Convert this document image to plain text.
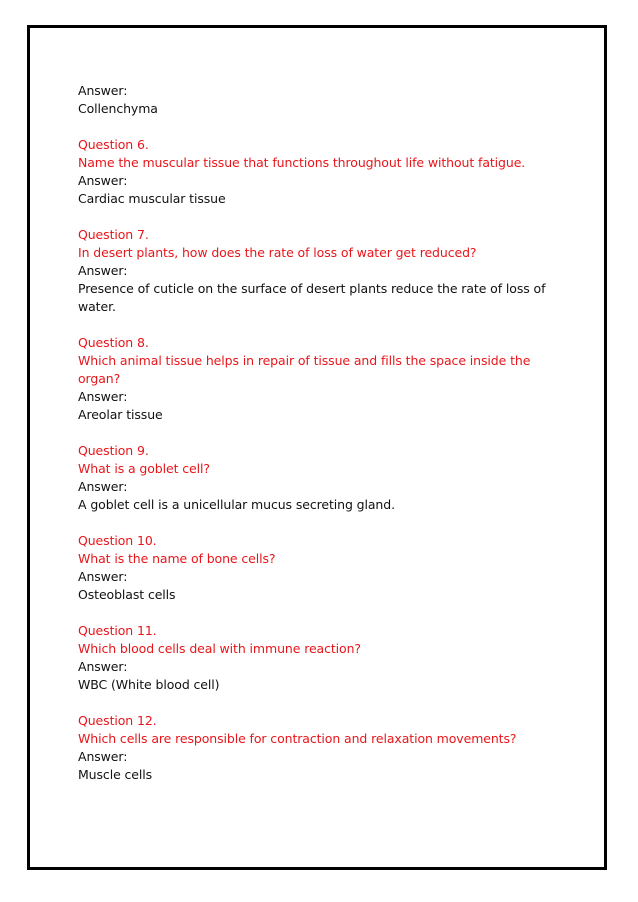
Answer:
Collenchyma
Question 6.
Name the muscular tissue that functions throughout life without fatigue.
Answer:
Cardiac muscular tissue
Question 7.
In desert plants, how does the rate of loss of water get reduced?
Answer:
Presence of cuticle on the surface of desert plants reduce the rate of loss of water.
Question 8.
Which animal tissue helps in repair of tissue and fills the space inside the organ?
Answer:
Areolar tissue
Question 9.
What is a goblet cell?
Answer:
A goblet cell is a unicellular mucus secreting gland.
Question 10.
What is the name of bone cells?
Answer:
Osteoblast cells
Question 11.
Which blood cells deal with immune reaction?
Answer:
WBC (White blood cell)
Question 12.
Which cells are responsible for contraction and relaxation movements?
Answer:
Muscle cells
